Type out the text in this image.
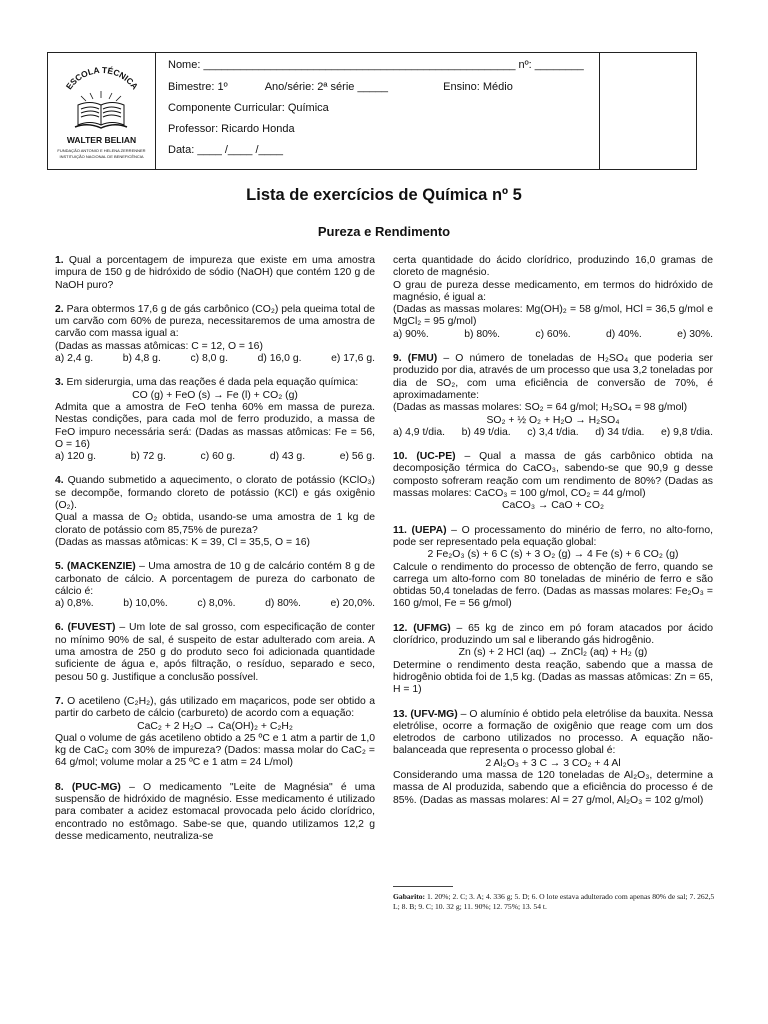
ESCOLA TÉCNICA
WALTER BELIAN
FUNDAÇÃO ANTONIO E HELENA ZERRENNER
INSTITUIÇÃO NACIONAL DE BENEFICÊNCIA
Nome: ___________________________________________________ nº: ________
Bimestre: 1º	Ano/série: 2ª série _____	Ensino: Médio
Componente Curricular: Química
Professor: Ricardo Honda
Data: ____ /____ /____
Lista de exercícios de Química nº 5
Pureza e Rendimento

1. Qual a porcentagem de impureza que existe em uma amostra impura de 150 g de hidróxido de sódio (NaOH) que contém 120 g de NaOH puro?

2. Para obtermos 17,6 g de gás carbônico (CO₂) pela queima total de um carvão com 60% de pureza, necessitaremos de uma amostra de carvão com massa igual a:

(Dadas as massas atômicas: C = 12, O = 16)

a) 2,4 g.	b) 4,8 g.	c) 8,0 g.	d) 16,0 g.	e) 17,6 g.

3. Em siderurgia, uma das reações é dada pela equação química:

CO (g) + FeO (s) → Fe (l) + CO₂ (g)

Admita que a amostra de FeO tenha 60% em massa de pureza. Nestas condições, para cada mol de ferro produzido, a massa de FeO impuro necessária será: (Dadas as massas atômicas: Fe = 56, O = 16)

a) 120 g.	b) 72 g.	c) 60 g.	d) 43 g.	e) 56 g.

4. Quando submetido a aquecimento, o clorato de potássio (KClO₃) se decompõe, formando cloreto de potássio (KCl) e gás oxigênio (O₂).

Qual a massa de O₂ obtida, usando-se uma amostra de 1 kg de clorato de potássio com 85,75% de pureza?

(Dadas as massas atômicas: K = 39, Cl = 35,5, O = 16)

5. (MACKENZIE) – Uma amostra de 10 g de calcário contém 8 g de carbonato de cálcio. A porcentagem de pureza do carbonato de cálcio é:

a) 0,8%.	b) 10,0%.	c) 8,0%.	d) 80%.	e) 20,0%.

6. (FUVEST) – Um lote de sal grosso, com especificação de conter no mínimo 90% de sal, é suspeito de estar adulterado com areia. A uma amostra de 250 g do produto seco foi adicionada quantidade suficiente de água e, após filtração, o resíduo, separado e seco, pesou 50 g. Justifique a conclusão possível.

7. O acetileno (C₂H₂), gás utilizado em maçaricos, pode ser obtido a partir do carbeto de cálcio (carbureto) de acordo com a equação:

CaC₂ + 2 H₂O → Ca(OH)₂ + C₂H₂

Qual o volume de gás acetileno obtido a 25 ºC e 1 atm a partir de 1,0 kg de CaC₂ com 30% de impureza? (Dados: massa molar do CaC₂ = 64 g/mol; volume molar a 25 ºC e 1 atm = 24 L/mol)

8. (PUC-MG) – O medicamento "Leite de Magnésia" é uma suspensão de hidróxido de magnésio. Esse medicamento é utilizado para combater a acidez estomacal provocada pelo ácido clorídrico, encontrado no estômago. Sabe-se que, quando utilizamos 12,2 g desse medicamento, neutraliza-se

certa quantidade do ácido clorídrico, produzindo 16,0 gramas de cloreto de magnésio.

O grau de pureza desse medicamento, em termos do hidróxido de magnésio, é igual a:

(Dadas as massas molares: Mg(OH)₂ = 58 g/mol, HCl = 36,5 g/mol e MgCl₂ = 95 g/mol)

a) 90%.	b) 80%.	c) 60%.	d) 40%.	e) 30%.

9. (FMU) – O número de toneladas de H₂SO₄ que poderia ser produzido por dia, através de um processo que usa 3,2 toneladas por dia de SO₂, com uma eficiência de conversão de 70%, é aproximadamente:

(Dadas as massas molares: SO₂ = 64 g/mol; H₂SO₄ = 98 g/mol)

SO₂ + ½ O₂ + H₂O → H₂SO₄

a) 4,9 t/dia. b) 49 t/dia. c) 3,4 t/dia. d) 34 t/dia. e) 9,8 t/dia.

10. (UC-PE) – Qual a massa de gás carbônico obtida na decomposição térmica do CaCO₃, sabendo-se que 90,9 g desse composto sofreram reação com um rendimento de 80%? (Dadas as massas molares: CaCO₃ = 100 g/mol, CO₂ = 44 g/mol)

CaCO₃ → CaO + CO₂

11. (UEPA) – O processamento do minério de ferro, no alto-forno, pode ser representado pela equação global:

2 Fe₂O₃ (s) + 6 C (s) + 3 O₂ (g) → 4 Fe (s) + 6 CO₂ (g)

Calcule o rendimento do processo de obtenção de ferro, quando se carrega um alto-forno com 80 toneladas de minério de ferro e são obtidas 50,4 toneladas de ferro. (Dadas as massas molares: Fe₂O₃ = 160 g/mol, Fe = 56 g/mol)

12. (UFMG) – 65 kg de zinco em pó foram atacados por ácido clorídrico, produzindo um sal e liberando gás hidrogênio.

Zn (s) + 2 HCl (aq) → ZnCl₂ (aq) + H₂ (g)

Determine o rendimento desta reação, sabendo que a massa de hidrogênio obtida foi de 1,5 kg. (Dadas as massas atômicas: Zn = 65, H = 1)

13. (UFV-MG) – O alumínio é obtido pela eletrólise da bauxita. Nessa eletrólise, ocorre a formação de oxigênio que reage com um dos eletrodos de carbono utilizados no processo. A equação não-balanceada que representa o processo global é:

2 Al₂O₃ + 3 C → 3 CO₂ + 4 Al

Considerando uma massa de 120 toneladas de Al₂O₃, determine a massa de Al produzida, sabendo que a eficiência do processo é de 85%. (Dadas as massas molares: Al = 27 g/mol, Al₂O₃ = 102 g/mol)

Gabarito: 1. 20%; 2. C; 3. A; 4. 336 g; 5. D; 6. O lote estava adulterado com apenas 80% de sal; 7. 262,5 L; 8. B; 9. C; 10. 32 g; 11. 90%; 12. 75%; 13. 54 t.
